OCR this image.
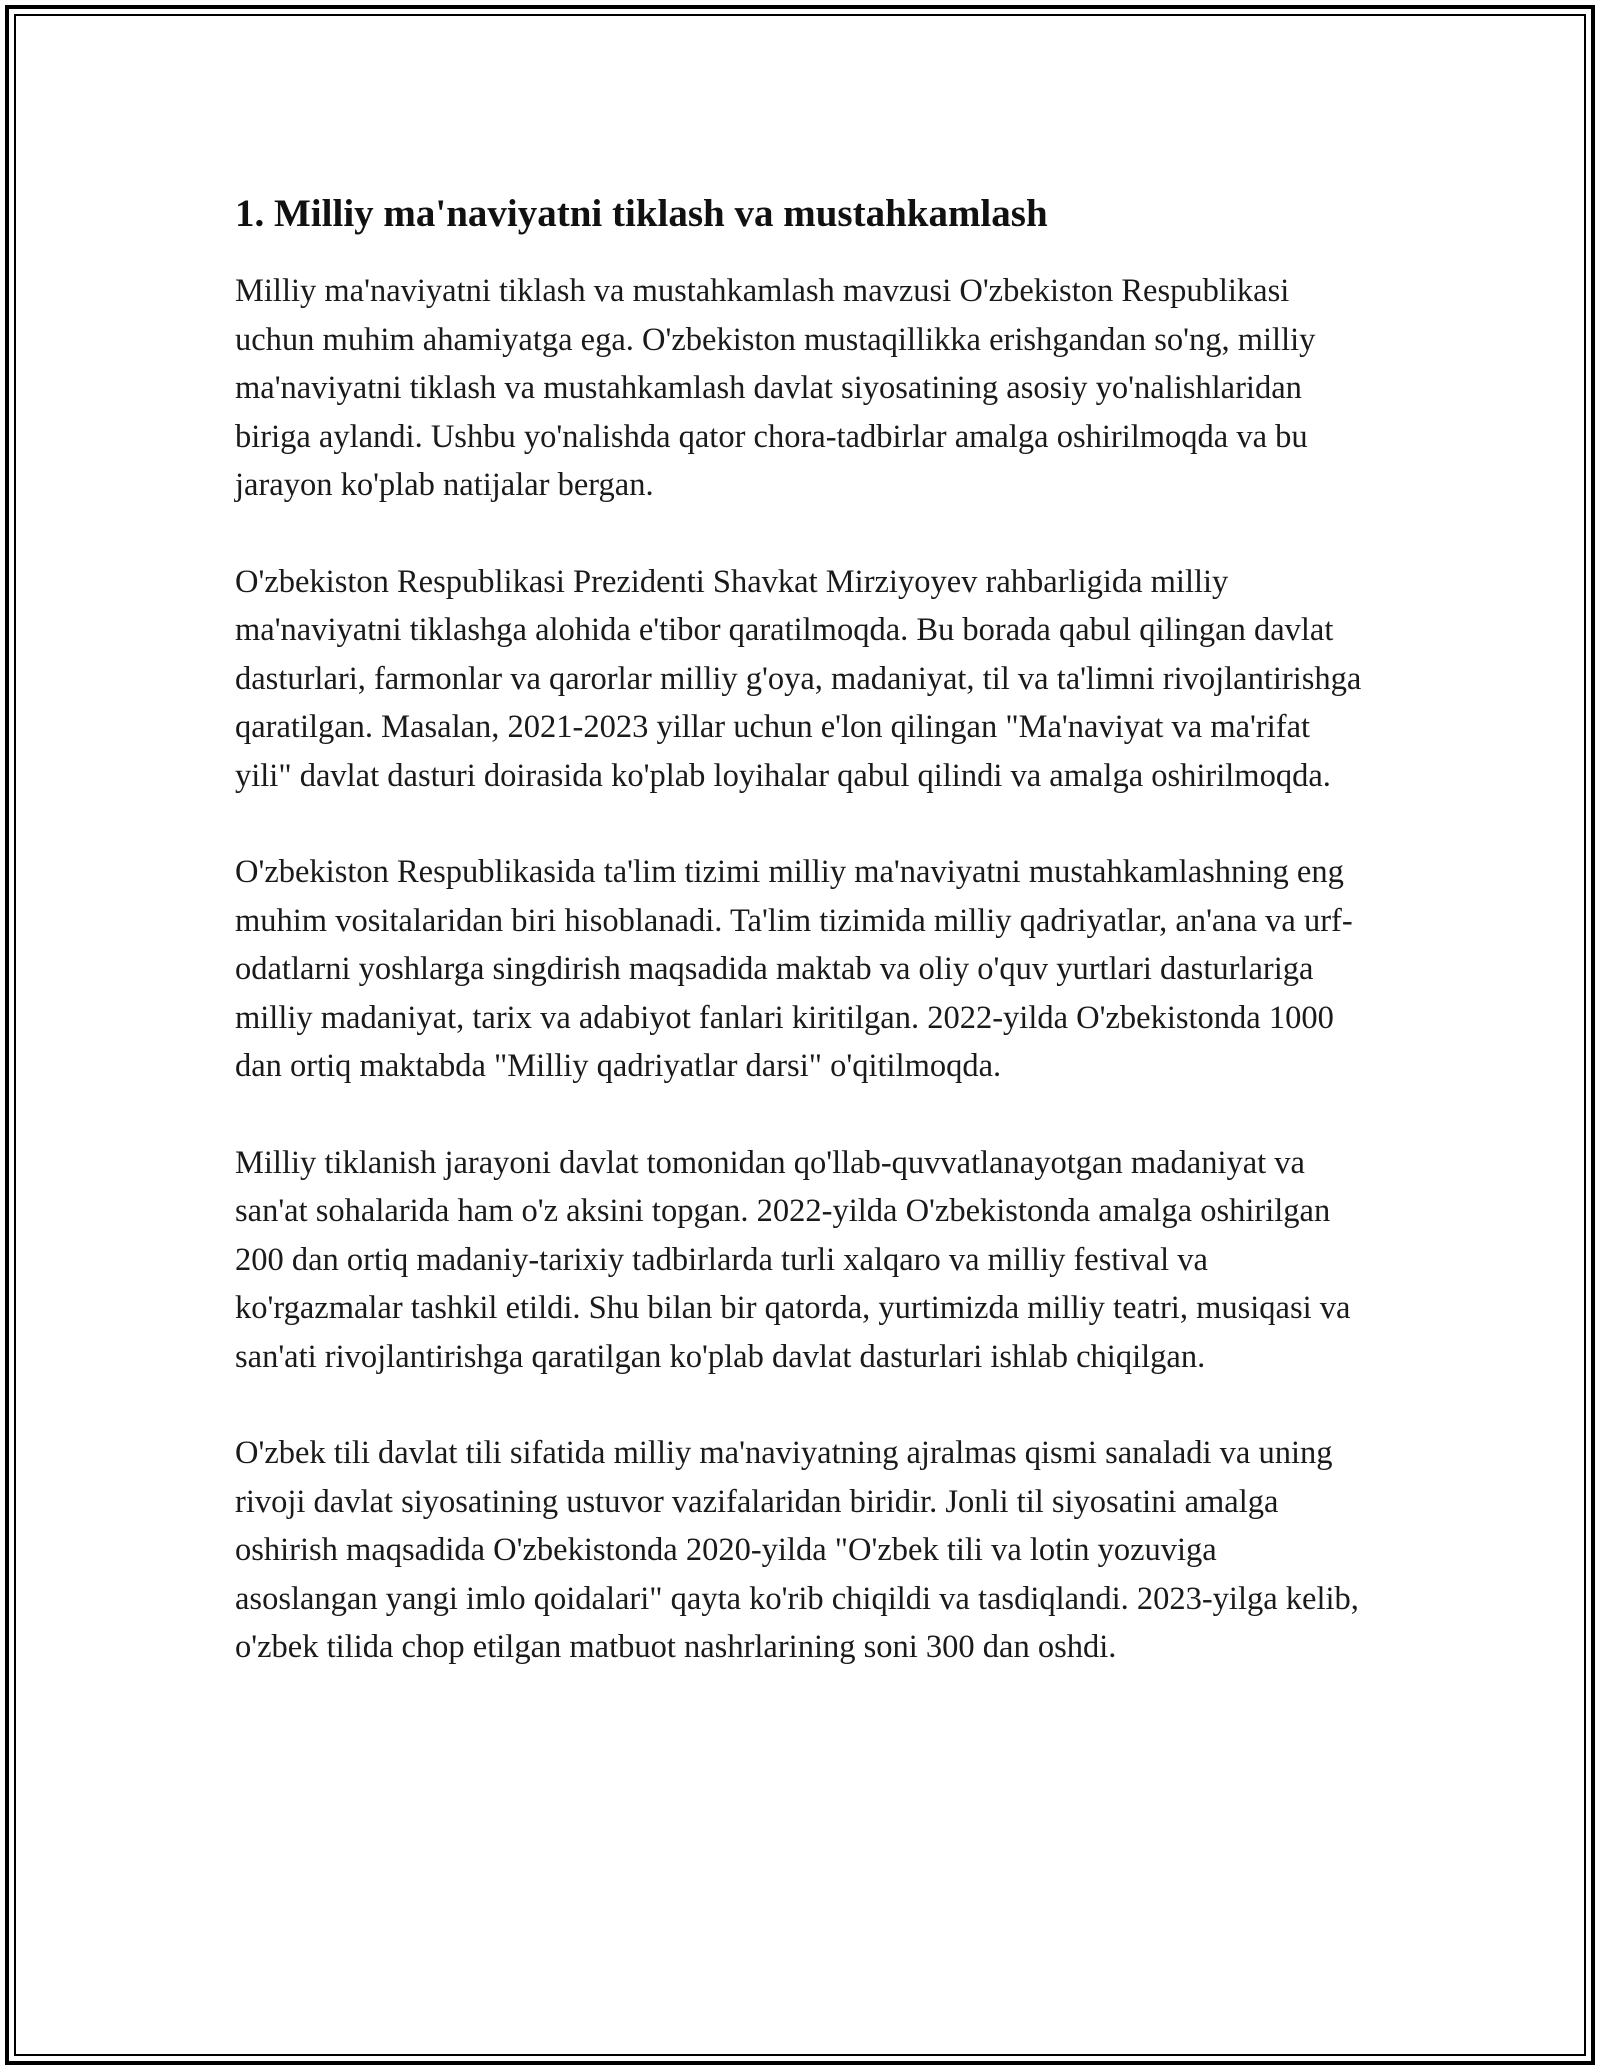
1. Milliy ma'naviyatni tiklash va mustahkamlash

Milliy ma'naviyatni tiklash va mustahkamlash mavzusi O'zbekiston Respublikasi uchun muhim ahamiyatga ega. O'zbekiston mustaqillikka erishgandan so'ng, milliy ma'naviyatni tiklash va mustahkamlash davlat siyosatining asosiy yo'nalishlaridan biriga aylandi. Ushbu yo'nalishda qator chora-tadbirlar amalga oshirilmoqda va bu jarayon ko'plab natijalar bergan.

O'zbekiston Respublikasi Prezidenti Shavkat Mirziyoyev rahbarligida milliy ma'naviyatni tiklashga alohida e'tibor qaratilmoqda. Bu borada qabul qilingan davlat dasturlari, farmonlar va qarorlar milliy g'oya, madaniyat, til va ta'limni rivojlantirishga qaratilgan. Masalan, 2021-2023 yillar uchun e'lon qilingan "Ma'naviyat va ma'rifat yili" davlat dasturi doirasida ko'plab loyihalar qabul qilindi va amalga oshirilmoqda.

O'zbekiston Respublikasida ta'lim tizimi milliy ma'naviyatni mustahkamlashning eng muhim vositalaridan biri hisoblanadi. Ta'lim tizimida milliy qadriyatlar, an'ana va urf-odatlarni yoshlarga singdirish maqsadida maktab va oliy o'quv yurtlari dasturlariga milliy madaniyat, tarix va adabiyot fanlari kiritilgan. 2022-yilda O'zbekistonda 1000 dan ortiq maktabda "Milliy qadriyatlar darsi" o'qitilmoqda.

Milliy tiklanish jarayoni davlat tomonidan qo'llab-quvvatlanayotgan madaniyat va san'at sohalarida ham o'z aksini topgan. 2022-yilda O'zbekistonda amalga oshirilgan 200 dan ortiq madaniy-tarixiy tadbirlarda turli xalqaro va milliy festival va ko'rgazmalar tashkil etildi. Shu bilan bir qatorda, yurtimizda milliy teatri, musiqasi va san'ati rivojlantirishga qaratilgan ko'plab davlat dasturlari ishlab chiqilgan.

O'zbek tili davlat tili sifatida milliy ma'naviyatning ajralmas qismi sanaladi va uning rivoji davlat siyosatining ustuvor vazifalaridan biridir. Jonli til siyosatini amalga oshirish maqsadida O'zbekistonda 2020-yilda "O'zbek tili va lotin yozuviga asoslangan yangi imlo qoidalari" qayta ko'rib chiqildi va tasdiqlandi. 2023-yilga kelib, o'zbek tilida chop etilgan matbuot nashrlarining soni 300 dan oshdi.
